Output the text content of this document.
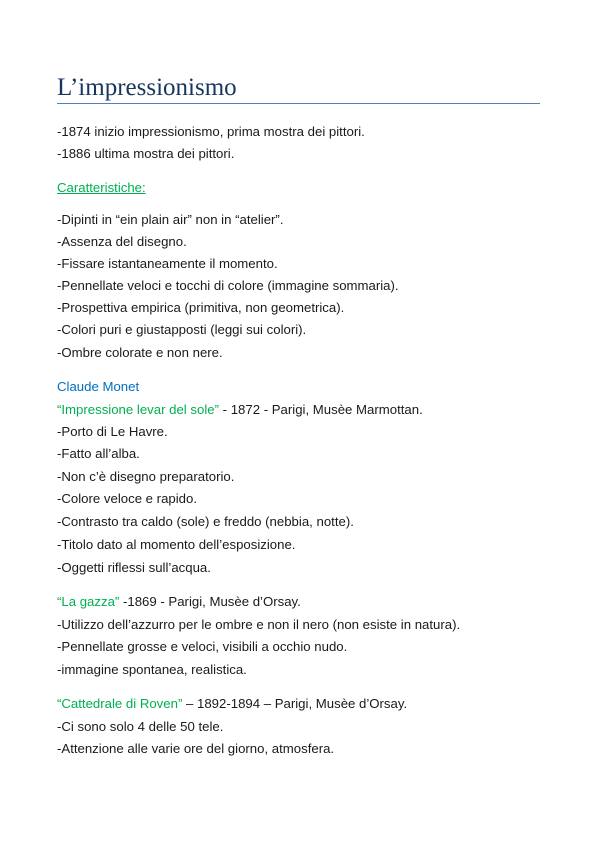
L’impressionismo
-1874 inizio impressionismo, prima mostra dei pittori.
-1886 ultima mostra dei pittori.
Caratteristiche:
-Dipinti in “ein plain air” non in “atelier”.
-Assenza del disegno.
-Fissare istantaneamente il momento.
-Pennellate veloci e tocchi di colore (immagine sommaria).
-Prospettiva empirica (primitiva, non geometrica).
-Colori puri e giustapposti (leggi sui colori).
-Ombre colorate e non nere.
Claude Monet
“Impressione levar del sole” - 1872 - Parigi, Musèe Marmottan.
-Porto di Le Havre.
-Fatto all’alba.
-Non c’è disegno preparatorio.
-Colore veloce e rapido.
-Contrasto tra caldo (sole) e freddo (nebbia, notte).
-Titolo dato al momento dell’esposizione.
-Oggetti riflessi sull’acqua.
“La gazza” -1869 - Parigi, Musèe d’Orsay.
-Utilizzo dell’azzurro per le ombre e non il nero (non esiste in natura).
-Pennellate grosse e veloci, visibili a occhio nudo.
-immagine spontanea, realistica.
“Cattedrale di Roven” – 1892-1894 – Parigi, Musèe d’Orsay.
-Ci sono solo 4 delle 50 tele.
-Attenzione alle varie ore del giorno, atmosfera.
